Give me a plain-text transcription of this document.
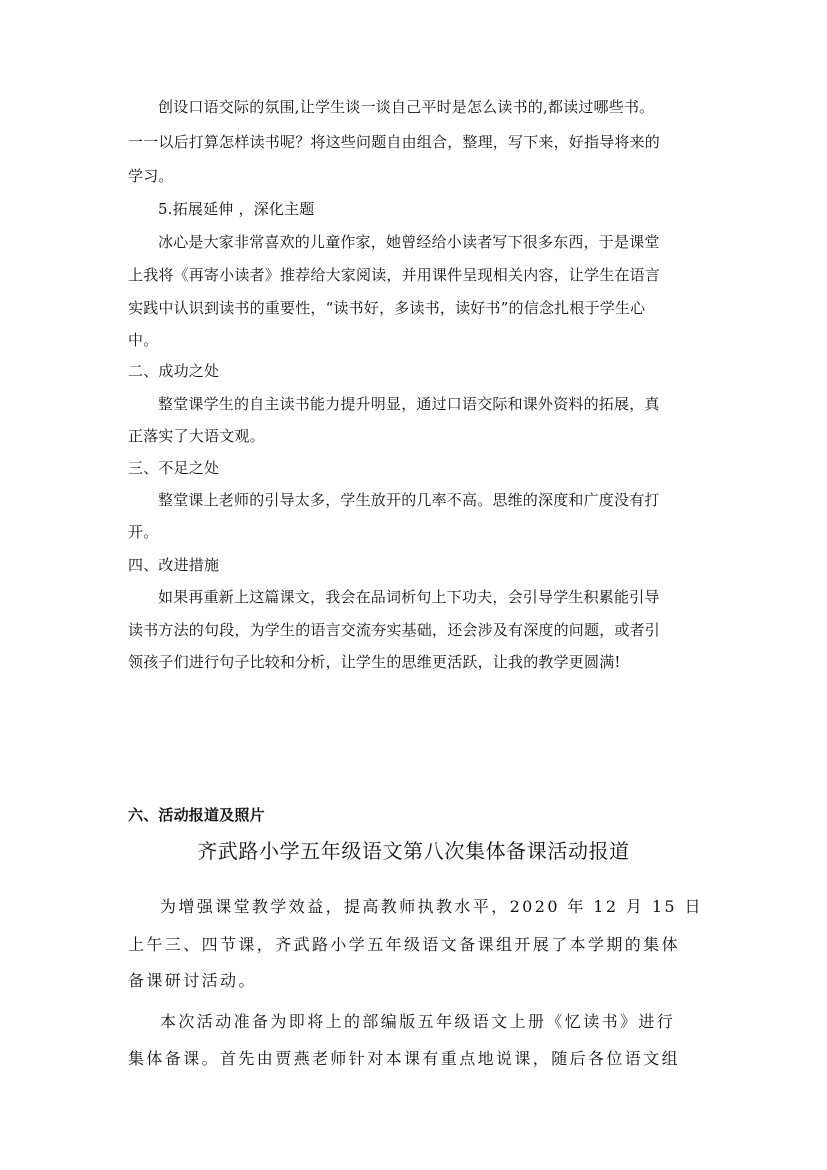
创设口语交际的氛围,让学生谈一谈自己平时是怎么读书的,都读过哪些书。
一一以后打算怎样读书呢？将这些问题自由组合，整理，写下来，好指导将来的
学习。
5.拓展延伸 ，深化主题
冰心是大家非常喜欢的儿童作家，她曾经给小读者写下很多东西，于是课堂
上我将《再寄小读者》推荐给大家阅读，并用课件呈现相关内容，让学生在语言
实践中认识到读书的重要性，“读书好，多读书，读好书”的信念扎根于学生心
中。
二、成功之处
整堂课学生的自主读书能力提升明显，通过口语交际和课外资料的拓展，真
正落实了大语文观。
三、不足之处
整堂课上老师的引导太多，学生放开的几率不高。思维的深度和广度没有打
开。
四、改进措施
如果再重新上这篇课文，我会在品词析句上下功夫，会引导学生积累能引导
读书方法的句段，为学生的语言交流夯实基础，还会涉及有深度的问题，或者引
领孩子们进行句子比较和分析，让学生的思维更活跃，让我的教学更圆满!
六、活动报道及照片
齐武路小学五年级语文第八次集体备课活动报道
为增强课堂教学效益，提高教师执教水平，2020 年 12 月 15 日
上午三、四节课，齐武路小学五年级语文备课组开展了本学期的集体
备课研讨活动。
本次活动准备为即将上的部编版五年级语文上册《忆读书》进行
集体备课。首先由贾燕老师针对本课有重点地说课，随后各位语文组
